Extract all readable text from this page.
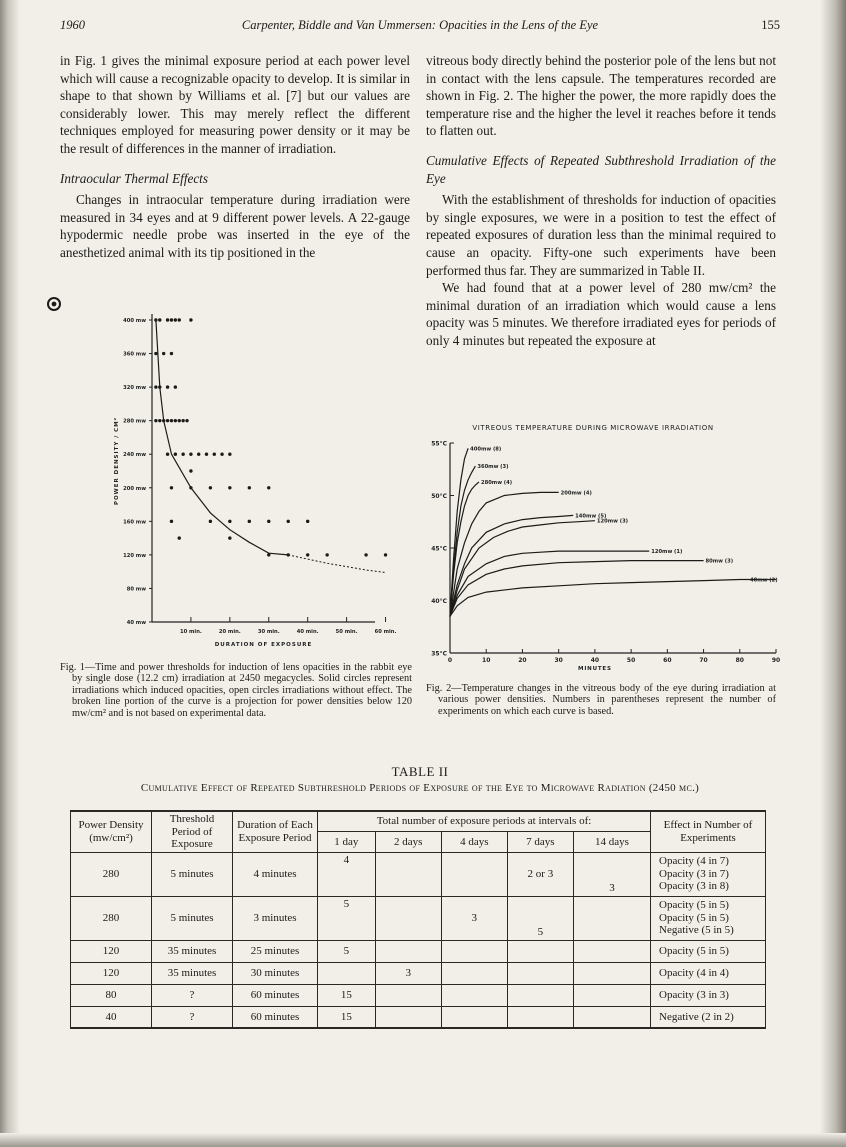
1960	Carpenter, Biddle and Van Ummersen: Opacities in the Lens of the Eye	155

in Fig. 1 gives the minimal exposure period at each power level which will cause a recognizable opacity to develop. It is similar in shape to that shown by Williams et al. [7] but our values are considerably lower. This may merely reflect the different techniques employed for measuring power density or it may be the result of differences in the manner of irradiation.

Intraocular Thermal Effects

Changes in intraocular temperature during irradiation were measured in 34 eyes and at 9 different power levels. A 22-gauge hypodermic needle probe was inserted in the eye of the anesthetized animal with its tip positioned in the

vitreous body directly behind the posterior pole of the lens but not in contact with the lens capsule. The temperatures recorded are shown in Fig. 2. The higher the power, the more rapidly does the temperature rise and the higher the level it reaches before it tends to flatten out.

Cumulative Effects of Repeated Subthreshold Irradiation of the Eye

With the establishment of thresholds for induction of opacities by single exposures, we were in a position to test the effect of repeated exposures of duration less than the minimal required to cause an opacity. Fifty-one such experiments have been performed thus far. They are summarized in Table II.

We had found that at a power level of 280 mw/cm² the minimal duration of an irradiation which would cause a lens opacity was 5 minutes. We therefore irradiated eyes for periods of only 4 minutes but repeated the exposure at

40 mw
80 mw
120 mw
160 mw
200 mw
240 mw
280 mw
320 mw
360 mw
400 mw
10 min.	20 min.	30 min.	40 min.	50 min.	60 min.
DURATION OF EXPOSURE
POWER DENSITY / CM²
Fig. 1—Time and power thresholds for induction of lens opacities in the rabbit eye by single dose (12.2 cm) irradiation at 2450 megacycles. Solid circles represent irradiations which induced opacities, open circles irradiations without effect. The broken line portion of the curve is a projection for power densities below 120 mw/cm² and is not based on experimental data.
VITREOUS TEMPERATURE DURING MICROWAVE IRRADIATION
35°C
40°C
45°C
50°C
55°C
0	10	20	30	40	50	60	70	80	90
MINUTES
400mw (8)
360mw (3)
280mw (4)
200mw (4)
140mw (5)
120mw (3)
120mw (1)
80mw (3)
40mw (2)
Fig. 2—Temperature changes in the vitreous body of the eye during irradiation at various power densities. Numbers in parentheses represent the number of experiments on which each curve is based.
TABLE II
Cumulative Effect of Repeated Subthreshold Periods of Exposure of the Eye to Microwave Radiation (2450 mc.)
Power Density (mw/cm²)	Threshold Period of Exposure	Duration of Each Exposure Period	Total number of exposure periods at intervals of:					Effect in Number of Experiments
			1 day	2 days	4 days	7 days	14 days	
280	5 minutes	4 minutes	4			2 or 3	3	Opacity (4 in 7)
Opacity (3 in 7)
Opacity (3 in 8)

280	5 minutes	3 minutes	5		3	5		Opacity (5 in 5)
Opacity (5 in 5)
Negative (5 in 5)

120	35 minutes	25 minutes	5					Opacity (5 in 5)

120	35 minutes	30 minutes		3				Opacity (4 in 4)

80	?	60 minutes	15					Opacity (3 in 3)

40	?	60 minutes	15					Negative (2 in 2)
